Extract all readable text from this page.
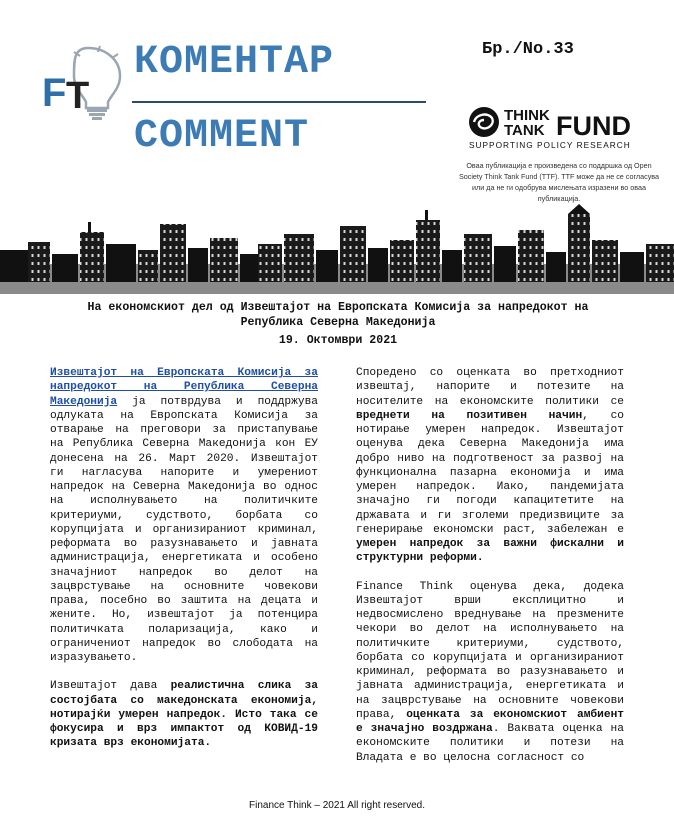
F T
КОМЕНТАР
COMMENT
Бр./No.33
THINK
TANK FUND
SUPPORTING POLICY RESEARCH
Оваа публикација е произведена со поддршка од Open Society Think Tank Fund (TTF). TTF може да не се согласува или да не ги одобрува мислењата изразени во оваа публикација.
На економскиот дел од Извештајот на Европската Комисија за напредокот на Република Северна Македонија
19. Октомври 2021

Извештајот на Европската Комисија за напредокот на Република Северна Македонија ја потврдува и поддржува одлуката на Европската Комисија за отварање на преговори за пристапување на Република Северна Македонија кон ЕУ донесена на 26. Март 2020. Извештајот ги нагласува напорите и умерениот напредок на Северна Македонија во однос на исполнувањето на политичките критериуми, судството, борбата со корупцијата и организираниот криминал, реформата во разузнавањето и јавната администрација, енергетиката и особено значајниот напредок во делот на зацврстување на основните човекови права, посебно во заштита на децата и жените. Но, извештајот ја потенцира политичката поларизација, како и ограничениот напредок во слободата на изразувањето.

Извештајот дава реалистична слика за состојбата со македонската економија, нотирајќи умерен напредок. Исто така се фокусира и врз импактот од КОВИД-19 кризата врз економијата.

Споредено со оценката во претходниот извештај, напорите и потезите на носителите на економските политики се вреднети на позитивен начин, со нотирање умерен напредок. Извештајот оценува дека Северна Македонија има добро ниво на подготвеност за развој на функционална пазарна економија и има умерен напредок. Иако, пандемијата значајно ги погоди капацитетите на државата и ги зголеми предизвиците за генерирање економски раст, забележан е умерен напредок за важни фискални и структурни реформи.

Finance Think оценува дека, додека Извештајот врши експлицитно и недвосмислено вреднување на презмените чекори во делот на исполнувањето на политичките критериуми, судството, борбата со корупцијата и организираниот криминал, реформата во разузнавањето и јавната администрација, енергетиката и на зацврстување на основните човекови права, оценката за економскиот амбиент е значајно воздржана. Ваквата оценка на економските политики и потези на Владата е во целосна согласност со

Finance Think – 2021 All right reserved.
